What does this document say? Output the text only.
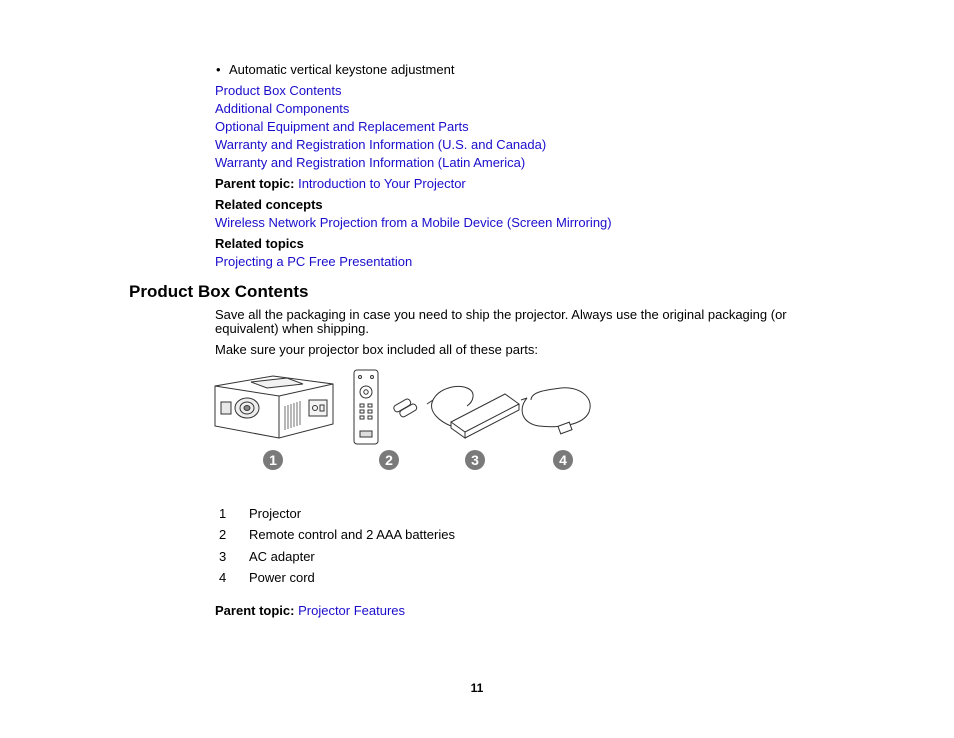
• Automatic vertical keystone adjustment
Product Box Contents
Additional Components
Optional Equipment and Replacement Parts
Warranty and Registration Information (U.S. and Canada)
Warranty and Registration Information (Latin America)
Parent topic: Introduction to Your Projector
Related concepts
Wireless Network Projection from a Mobile Device (Screen Mirroring)
Related topics
Projecting a PC Free Presentation
Product Box Contents
Save all the packaging in case you need to ship the projector. Always use the original packaging (or
equivalent) when shipping.
Make sure your projector box included all of these parts:
1	2	3	4
1 Projector
2 Remote control and 2 AAA batteries
3 AC adapter
4 Power cord
Parent topic: Projector Features
11
